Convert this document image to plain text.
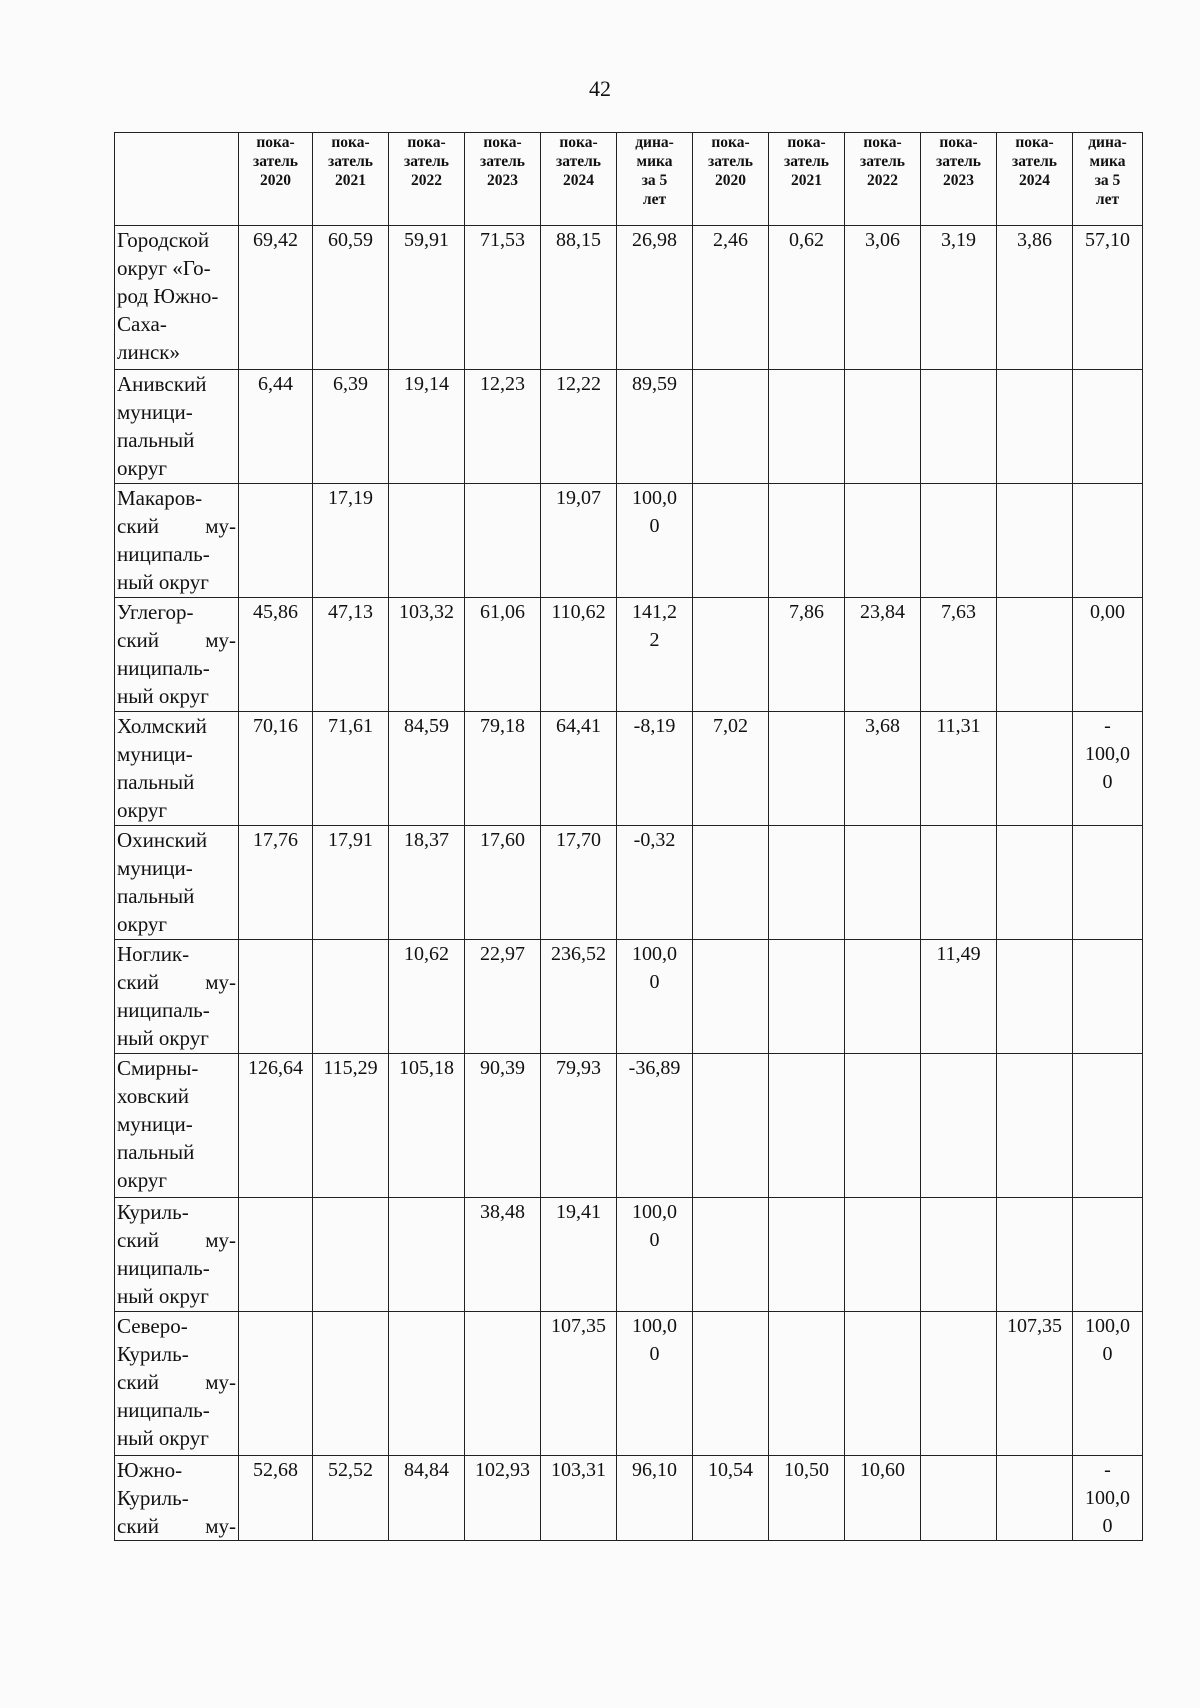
42

	пока-
затель
2020	пока-
затель
2021	пока-
затель
2022	пока-
затель
2023	пока-
затель
2024	дина-
мика
за 5
лет	пока-
затель
2020	пока-
затель
2021	пока-
затель
2022	пока-
затель
2023	пока-
затель
2024	дина-
мика
за 5
лет

Городской
округ «Го-
род Южно-
Саха-
линск»	69,42	60,59	59,91	71,53	88,15	26,98	2,46	0,62	3,06	3,19	3,86	57,10

Анивский
муници-
пальный
округ	6,44	6,39	19,14	12,23	12,22	89,59						

Макаров-
ский му-
ниципаль-
ный округ		17,19			19,07	100,0
0						

Углегор-
ский му-
ниципаль-
ный округ	45,86	47,13	103,32	61,06	110,62	141,2
2		7,86	23,84	7,63		0,00

Холмский
муници-
пальный
округ	70,16	71,61	84,59	79,18	64,41	-8,19	7,02		3,68	11,31		-
100,0
0

Охинский
муници-
пальный
округ	17,76	17,91	18,37	17,60	17,70	-0,32						

Ноглик-
ский му-
ниципаль-
ный округ			10,62	22,97	236,52	100,0
0				11,49		

Смирны-
ховский
муници-
пальный
округ	126,64	115,29	105,18	90,39	79,93	-36,89						

Куриль-
ский му-
ниципаль-
ный округ				38,48	19,41	100,0
0						

Северо-
Куриль-
ский му-
ниципаль-
ный округ					107,35	100,0
0					107,35	100,0
0

Южно-
Куриль-
ский му-	52,68	52,52	84,84	102,93	103,31	96,10	10,54	10,50	10,60			-
100,0
0
